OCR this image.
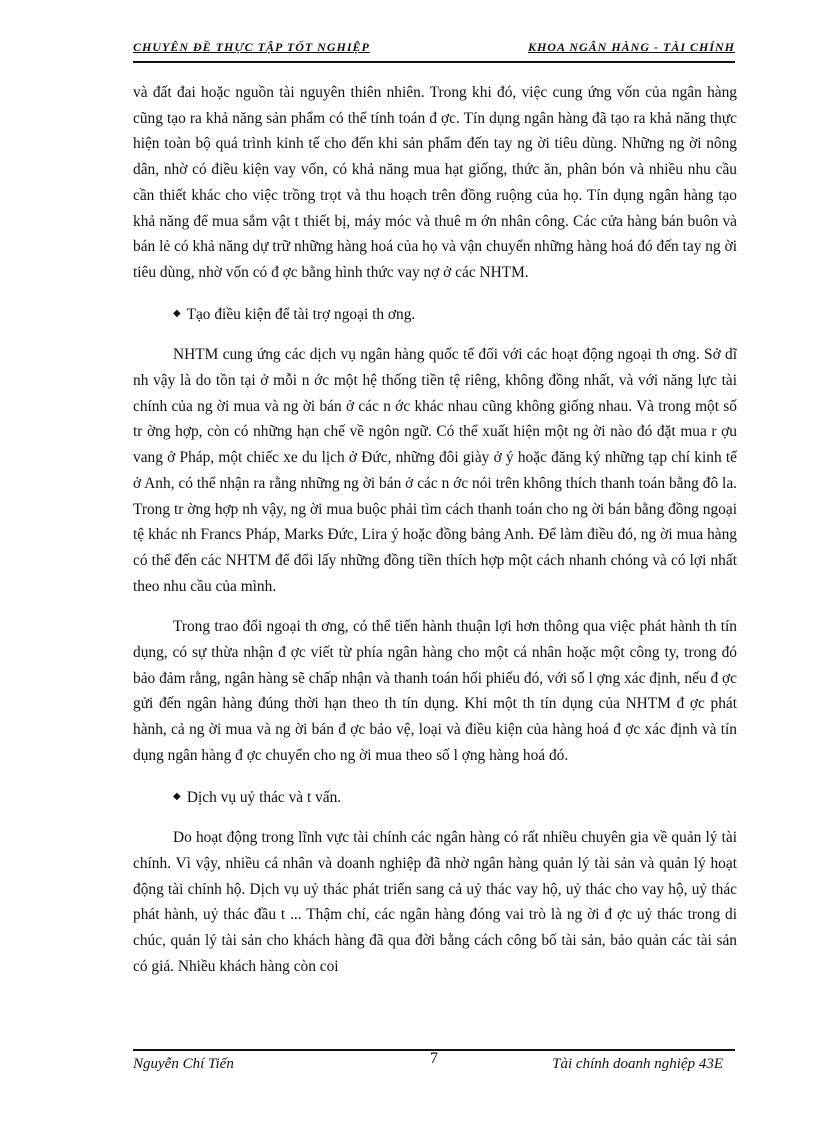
CHUYÊN ĐỀ THỰC TẬP TỐT NGHIỆP	KHOA NGÂN HÀNG - TÀI CHÍNH

và đất đai hoặc nguồn tài nguyên thiên nhiên. Trong khi đó, việc cung ứng vốn của ngân hàng cũng tạo ra khả năng sản phẩm có thể tính toán đ ợc. Tín dụng ngân hàng đã tạo ra khả năng thực hiện toàn bộ quá trình kinh tế cho đến khi sản phẩm đến tay ng ời tiêu dùng. Những ng ời nông dân, nhờ có điều kiện vay vốn, có khả năng mua hạt giống, thức ăn, phân bón và nhiều nhu cầu cần thiết khác cho việc trồng trọt và thu hoạch trên đồng ruộng của họ. Tín dụng ngân hàng tạo khả năng để mua sắm vật t thiết bị, máy móc và thuê m ớn nhân công. Các cửa hàng bán buôn và bán lẻ có khả năng dự trữ những hàng hoá của họ và vận chuyển những hàng hoá đó đến tay ng ời tiêu dùng, nhờ vốn có đ ợc bằng hình thức vay nợ ở các NHTM.

◆ Tạo điều kiện để tài trợ ngoại th ơng.

NHTM cung ứng các dịch vụ ngân hàng quốc tế đối với các hoạt động ngoại th ơng. Sở dĩ nh vậy là do tồn tại ở mỗi n ớc một hệ thống tiền tệ riêng, không đồng nhất, và với năng lực tài chính của ng ời mua và ng ời bán ở các n ớc khác nhau cũng không giống nhau. Và trong một số tr ờng hợp, còn có những hạn chế về ngôn ngữ. Có thể xuất hiện một ng ời nào đó đặt mua r ợu vang ở Pháp, một chiếc xe du lịch ở Đức, những đôi giày ở ý hoặc đăng ký những tạp chí kinh tế ở Anh, có thể nhận ra rằng những ng ời bán ở các n ớc nói trên không thích thanh toán bằng đô la. Trong tr ờng hợp nh vậy, ng ời mua buộc phải tìm cách thanh toán cho ng ời bán bằng đồng ngoại tệ khác nh Francs Pháp, Marks Đức, Lira ý hoặc đồng bảng Anh. Để làm điều đó, ng ời mua hàng có thể đến các NHTM để đổi lấy những đồng tiền thích hợp một cách nhanh chóng và có lợi nhất theo nhu cầu của mình.

Trong trao đổi ngoại th ơng, có thể tiến hành thuận lợi hơn thông qua việc phát hành th tín dụng, có sự thừa nhận đ ợc viết từ phía ngân hàng cho một cá nhân hoặc một công ty, trong đó bảo đảm rằng, ngân hàng sẽ chấp nhận và thanh toán hối phiếu đó, với số l ợng xác định, nếu đ ợc gửi đến ngân hàng đúng thời hạn theo th tín dụng. Khi một th tín dụng của NHTM đ ợc phát hành, cả ng ời mua và ng ời bán đ ợc bảo vệ, loại và điều kiện của hàng hoá đ ợc xác định và tín dụng ngân hàng đ ợc chuyển cho ng ời mua theo số l ợng hàng hoá đó.

◆ Dịch vụ uỷ thác và t vấn.

Do hoạt động trong lĩnh vực tài chính các ngân hàng có rất nhiều chuyên gia về quản lý tài chính. Vì vậy, nhiều cá nhân và doanh nghiệp đã nhờ ngân hàng quản lý tài sản và quản lý hoạt động tài chính hộ. Dịch vụ uỷ thác phát triển sang cả uỷ thác vay hộ, uỷ thác cho vay hộ, uỷ thác phát hành, uỷ thác đầu t ... Thậm chí, các ngân hàng đóng vai trò là ng ời đ ợc uỷ thác trong di chúc, quản lý tài sản cho khách hàng đã qua đời bằng cách công bố tài sản, bảo quản các tài sản có giá. Nhiều khách hàng còn coi

Nguyễn Chí Tiến	7	Tài chính doanh nghiệp 43E
